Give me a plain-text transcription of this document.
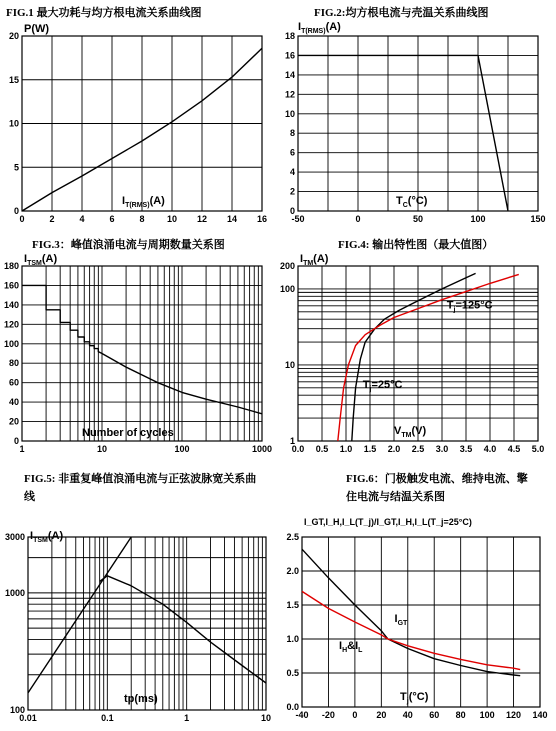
FIG.1 最大功耗与均方根电流关系曲线图	FIG.2:均方根电流与壳温关系曲线图
FIG.3：峰值浪涌电流与周期数量关系图	FIG.4: 输出特性图（最大值图）
FIG.5: 非重复峰值浪涌电流与正弦波脉宽关系曲线
FIG.6：门极触发电流、维持电流、擎住电流与结温关系图
0	2	4	6	8 10 12 14 16
0
5
10
15
20
P(W)
$I_{T(RMS)}(A)$
-50	0	50	100	150
0
2
4
6
8
10
12
14
16
18
$I_{T(RMS)}(A)$
$T_C(^\circ C)$
1	10	100	1000
0
20
40
60
80
100
120
140
160
180
$I_{TSM}(A)$
Number of cycles
0.0 0.5 1.0 1.5 2.0 2.5 3.0 3.5 4.0 4.5 5.0
1
10
100
200
$I_{TM}(A)$
$V_{TM}(V)$
$T_j=125^\circ C$
$T_j=25^\circ C$
0.01	0.1	1	10
100
1000
3000 $I_{TSM}(A)$
tp(ms)
-40 -20 0 20 40 60 80 100 120 140
0.0
0.5
1.0
1.5
2.0
2.5
I_GT,I_H,I_L(T_j)/I_GT,I_H,I_L(T_j=25°C)
$T_j(^\circ C)$
$I_{GT}$
$I_H\&I_L$
